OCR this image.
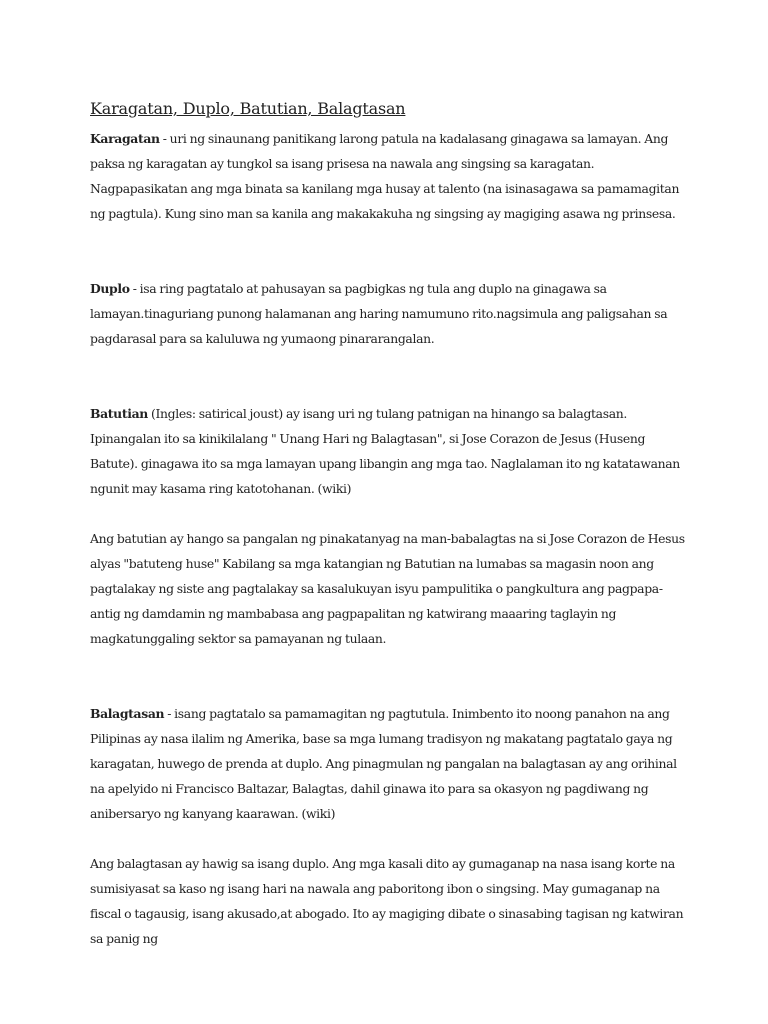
Karagatan, Duplo, Batutian, Balagtasan

Karagatan - uri ng sinaunang panitikang larong patula na kadalasang ginagawa sa lamayan. Ang paksa ng karagatan ay tungkol sa isang prisesa na nawala ang singsing sa karagatan. Nagpapasikatan ang mga binata sa kanilang mga husay at talento (na isinasagawa sa pamamagitan ng pagtula). Kung sino man sa kanila ang makakakuha ng singsing ay magiging asawa ng prinsesa.

Duplo - isa ring pagtatalo at pahusayan sa pagbigkas ng tula ang duplo na ginagawa sa lamayan.tinaguriang punong halamanan ang haring namumuno rito.nagsimula ang paligsahan sa pagdarasal para sa kaluluwa ng yumaong pinararangalan.

Batutian (Ingles: satirical joust) ay isang uri ng tulang patnigan na hinango sa balagtasan. Ipinangalan ito sa kinikilalang " Unang Hari ng Balagtasan", si Jose Corazon de Jesus (Huseng Batute). ginagawa ito sa mga lamayan upang libangin ang mga tao. Naglalaman ito ng katatawanan ngunit may kasama ring katotohanan. (wiki)

Ang batutian ay hango sa pangalan ng pinakatanyag na man-babalagtas na si Jose Corazon de Hesus alyas "batuteng huse" Kabilang sa mga katangian ng Batutian na lumabas sa magasin noon ang pagtalakay ng siste ang pagtalakay sa kasalukuyan isyu pampulitika o pangkultura ang pagpapa-antig ng damdamin ng mambabasa ang pagpapalitan ng katwirang maaaring taglayin ng magkatunggaling sektor sa pamayanan ng tulaan.

Balagtasan - isang pagtatalo sa pamamagitan ng pagtutula. Inimbento ito noong panahon na ang Pilipinas ay nasa ilalim ng Amerika, base sa mga lumang tradisyon ng makatang pagtatalo gaya ng karagatan, huwego de prenda at duplo. Ang pinagmulan ng pangalan na balagtasan ay ang orihinal na apelyido ni Francisco Baltazar, Balagtas, dahil ginawa ito para sa okasyon ng pagdiwang ng anibersaryo ng kanyang kaarawan. (wiki)

Ang balagtasan ay hawig sa isang duplo. Ang mga kasali dito ay gumaganap na nasa isang korte na sumisiyasat sa kaso ng isang hari na nawala ang paboritong ibon o singsing. May gumaganap na fiscal o tagausig, isang akusado,at abogado. Ito ay magiging dibate o sinasabing tagisan ng katwiran sa panig ng
